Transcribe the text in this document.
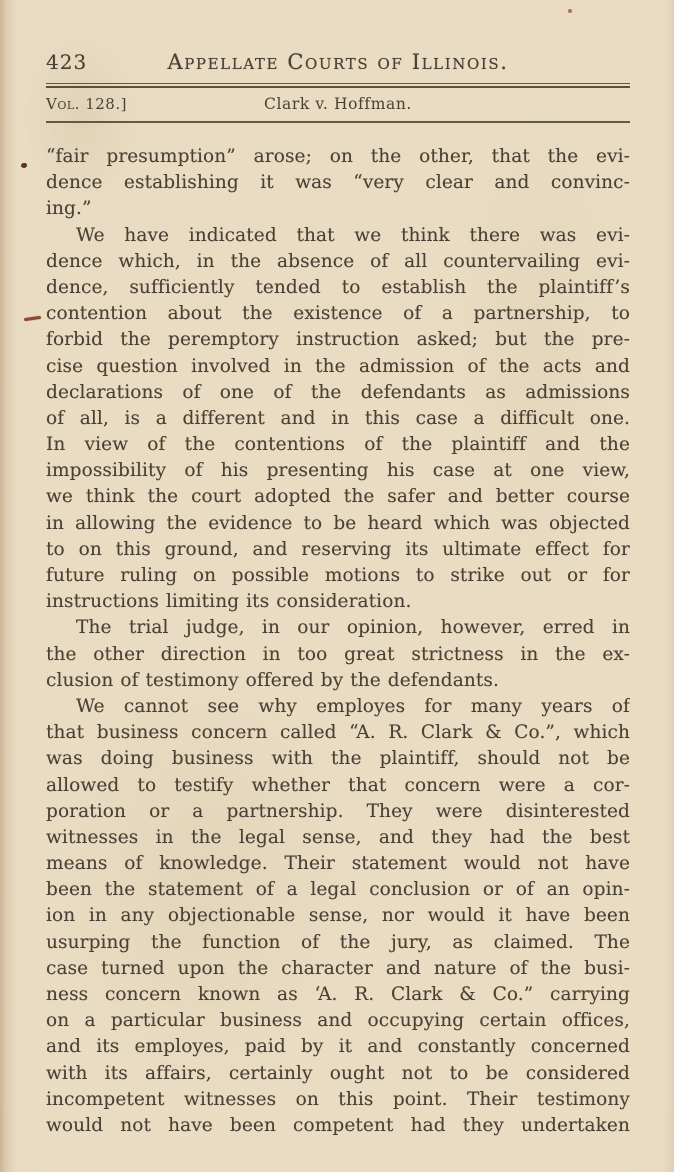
423	Appellate Courts of Illinois.
Vol. 128.]	Clark v. Hoffman.
“fair presumption” arose; on the other, that the evi-
dence establishing it was “very clear and convinc-
ing.”
We have indicated that we think there was evi-
dence which, in the absence of all countervailing evi-
dence, sufficiently tended to establish the plaintiff’s
contention about the existence of a partnership, to
forbid the peremptory instruction asked; but the pre-
cise question involved in the admission of the acts and
declarations of one of the defendants as admissions
of all, is a different and in this case a difficult one.
In view of the contentions of the plaintiff and the
impossibility of his presenting his case at one view,
we think the court adopted the safer and better course
in allowing the evidence to be heard which was objected
to on this ground, and reserving its ultimate effect for
future ruling on possible motions to strike out or for
instructions limiting its consideration.
The trial judge, in our opinion, however, erred in
the other direction in too great strictness in the ex-
clusion of testimony offered by the defendants.
We cannot see why employes for many years of
that business concern called “A. R. Clark & Co.”, which
was doing business with the plaintiff, should not be
allowed to testify whether that concern were a cor-
poration or a partnership. They were disinterested
witnesses in the legal sense, and they had the best
means of knowledge. Their statement would not have
been the statement of a legal conclusion or of an opin-
ion in any objectionable sense, nor would it have been
usurping the function of the jury, as claimed. The
case turned upon the character and nature of the busi-
ness concern known as ‘A. R. Clark & Co.” carrying
on a particular business and occupying certain offices,
and its employes, paid by it and constantly concerned
with its affairs, certainly ought not to be considered
incompetent witnesses on this point. Their testimony
would not have been competent had they undertaken
